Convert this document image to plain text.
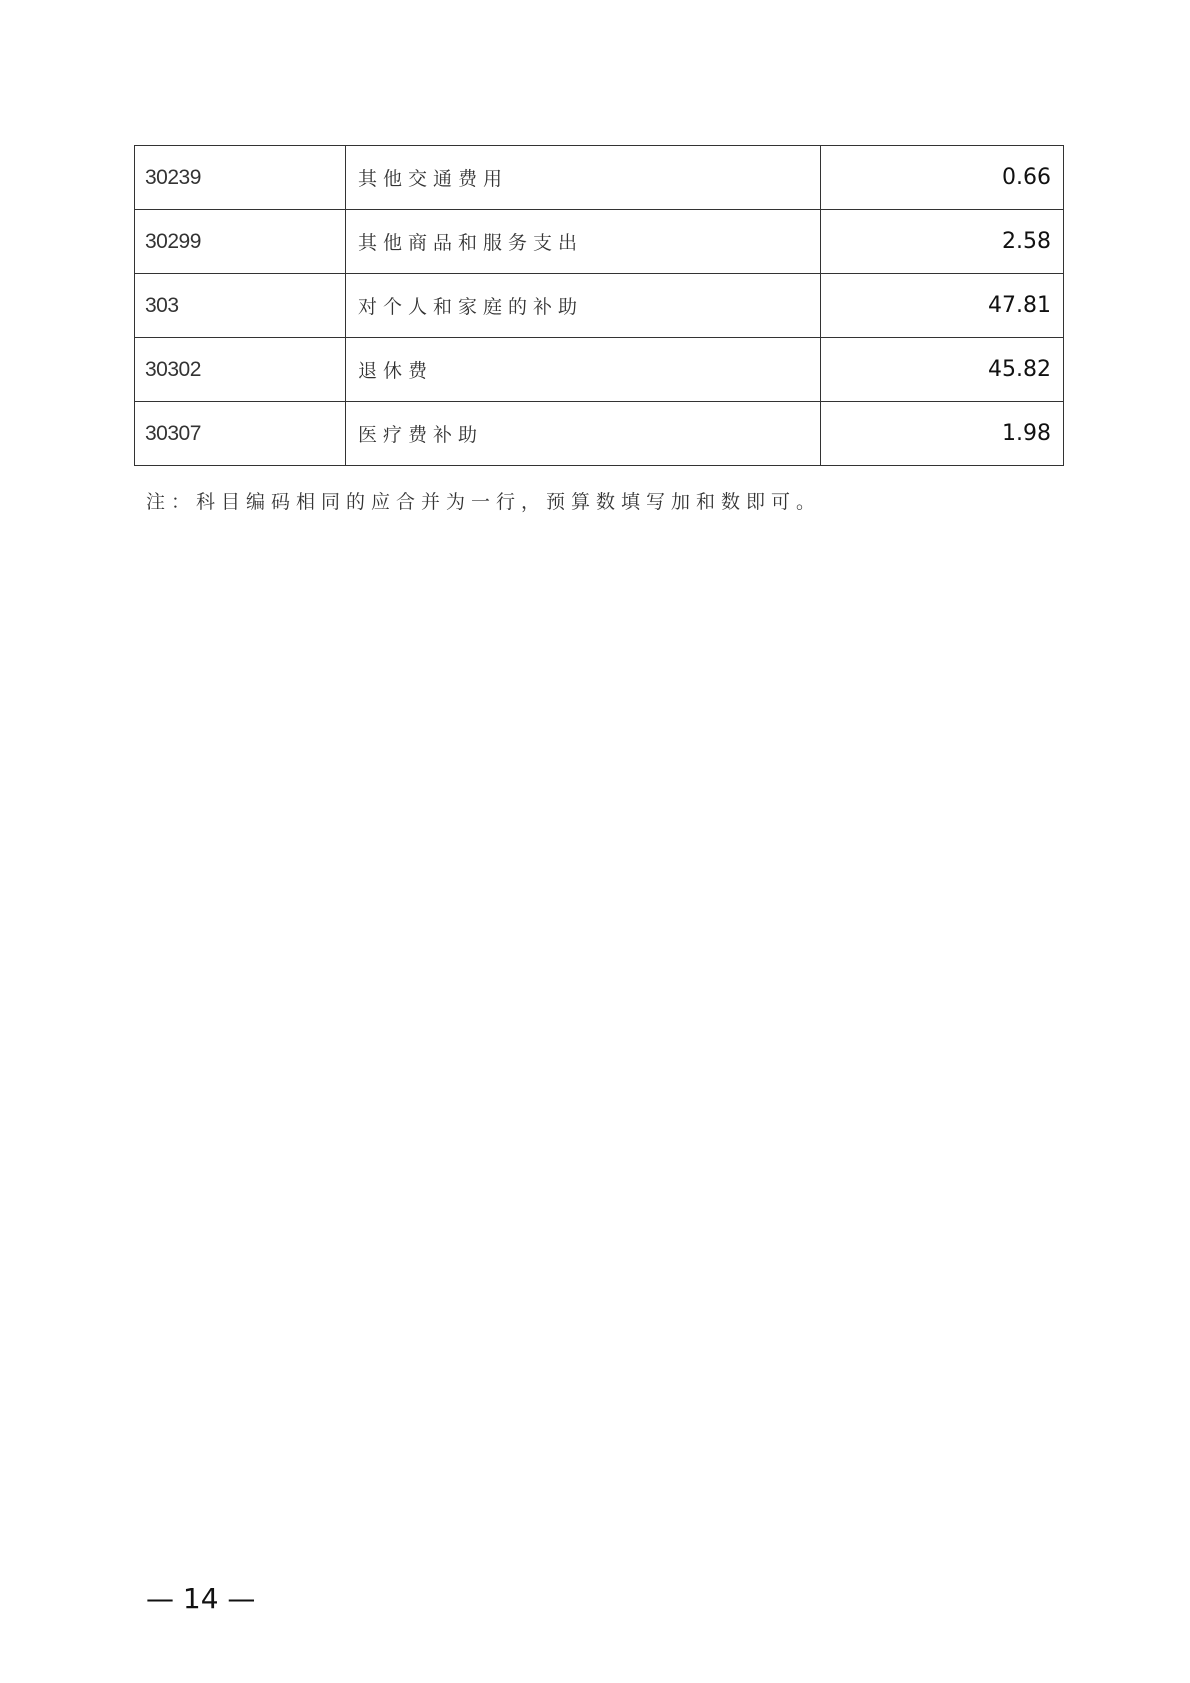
30239	其他交通费用	0.66
30299	其他商品和服务支出	2.58
303	对个人和家庭的补助	47.81
30302	退休费	45.82
30307	医疗费补助	1.98
注：科目编码相同的应合并为一行，预算数填写加和数即可。
— 14 —
